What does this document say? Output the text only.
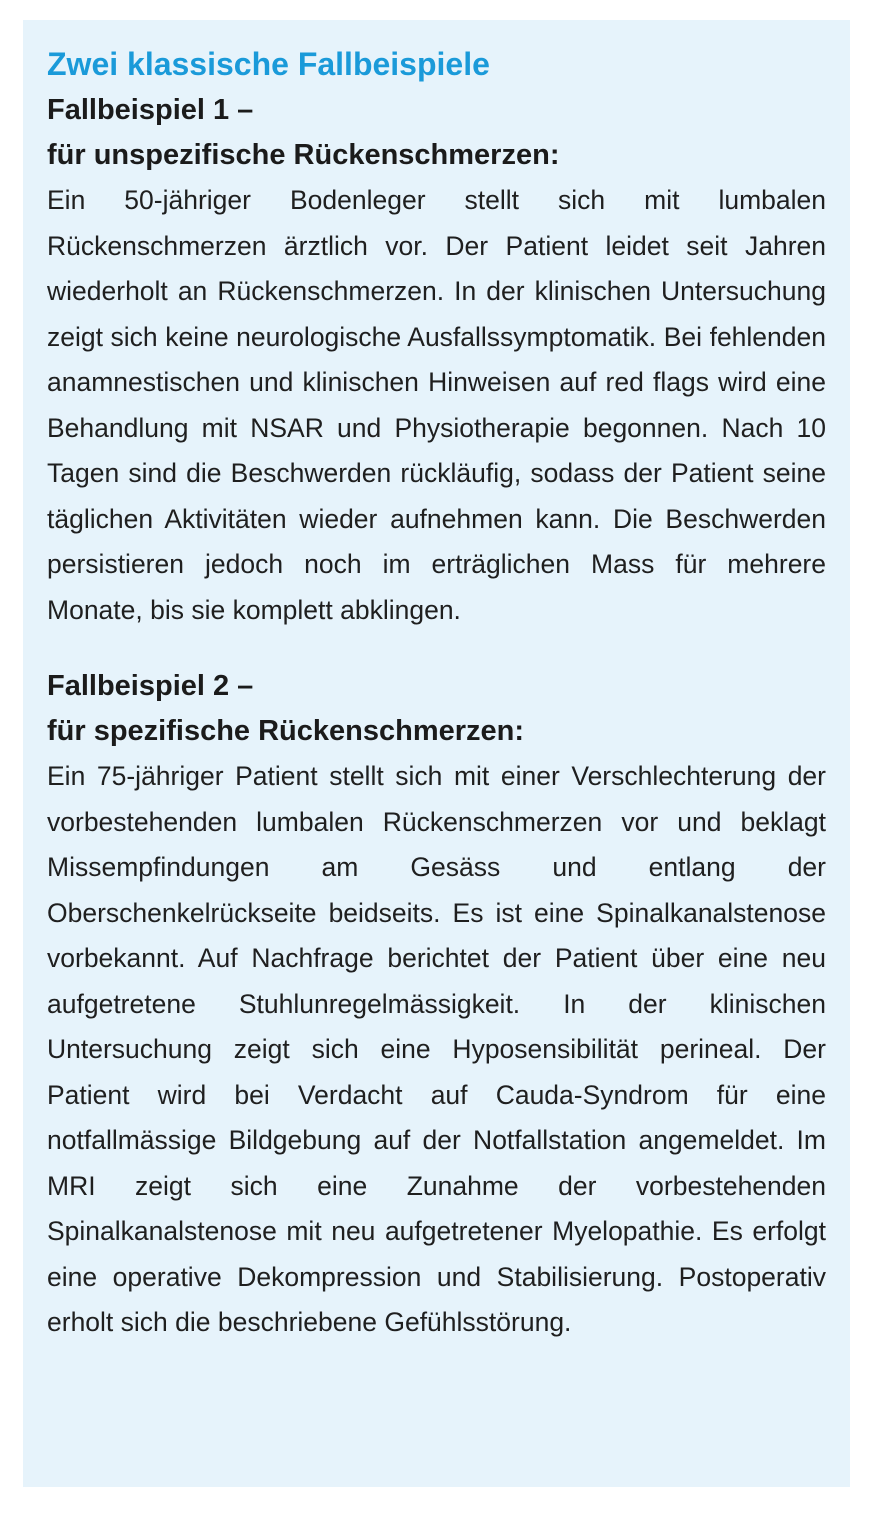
Zwei klassische Fallbeispiele
Fallbeispiel 1 –
für unspezifische Rückenschmerzen:

Ein 50-jähriger Bodenleger stellt sich mit lumbalen Rückenschmerzen ärztlich vor. Der Patient leidet seit Jahren wiederholt an Rückenschmerzen. In der klinischen Untersuchung zeigt sich keine neurologische Ausfallssymptomatik. Bei fehlenden anamnestischen und klinischen Hinweisen auf red flags wird eine Behandlung mit NSAR und Physiotherapie begonnen. Nach 10 Tagen sind die Beschwerden rückläufig, sodass der Patient seine täglichen Aktivitäten wieder aufnehmen kann. Die Beschwerden persistieren jedoch noch im erträglichen Mass für mehrere Monate, bis sie komplett abklingen.

Fallbeispiel 2 –
für spezifische Rückenschmerzen:

Ein 75-jähriger Patient stellt sich mit einer Verschlechterung der vorbestehenden lumbalen Rückenschmerzen vor und beklagt Missempfindungen am Gesäss und entlang der Oberschenkelrückseite beidseits. Es ist eine Spinalkanalstenose vorbekannt. Auf Nachfrage berichtet der Patient über eine neu aufgetretene Stuhlunregelmässigkeit. In der klinischen Untersuchung zeigt sich eine Hyposensibilität perineal. Der Patient wird bei Verdacht auf Cauda-Syndrom für eine notfallmässige Bildgebung auf der Notfallstation angemeldet. Im MRI zeigt sich eine Zunahme der vorbestehenden Spinalkanalstenose mit neu aufgetretener Myelopathie. Es erfolgt eine operative Dekompression und Stabilisierung. Postoperativ erholt sich die beschriebene Gefühlsstörung.
